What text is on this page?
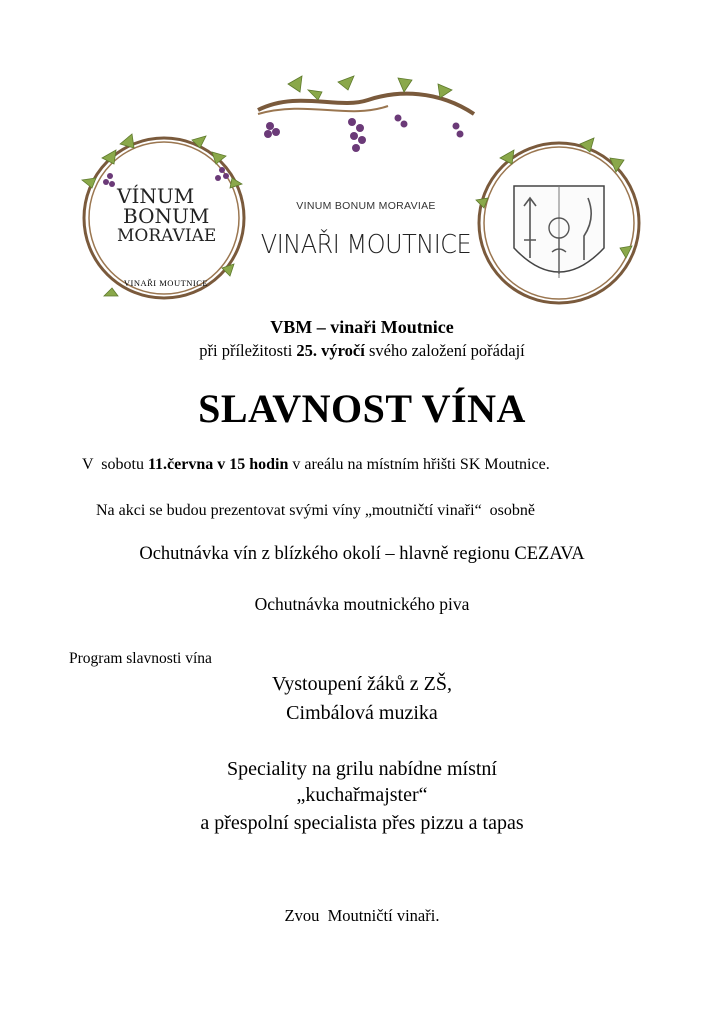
VÍNUM
BONUM
MORAVIAE
VINAŘI MOUTNICE
VINUM BONUM MORAVIAE
VINAŘI MOUTNICE
VBM – vinaři Moutnice
při příležitosti 25. výročí svého založení pořádají
SLAVNOST VÍNA
V  sobotu 11.června v 15 hodin v areálu na místním hřišti SK Moutnice.
Na akci se budou prezentovat svými víny „moutničtí vinaři“  osobně
Ochutnávka vín z blízkého okolí – hlavně regionu CEZAVA
Ochutnávka moutnického piva
Program slavnosti vína
Vystoupení žáků z ZŠ,
Cimbálová muzika
Speciality na grilu nabídne místní
„kuchařmajster“
a přespolní specialista přes pizzu a tapas
Zvou  Moutničtí vinaři.
